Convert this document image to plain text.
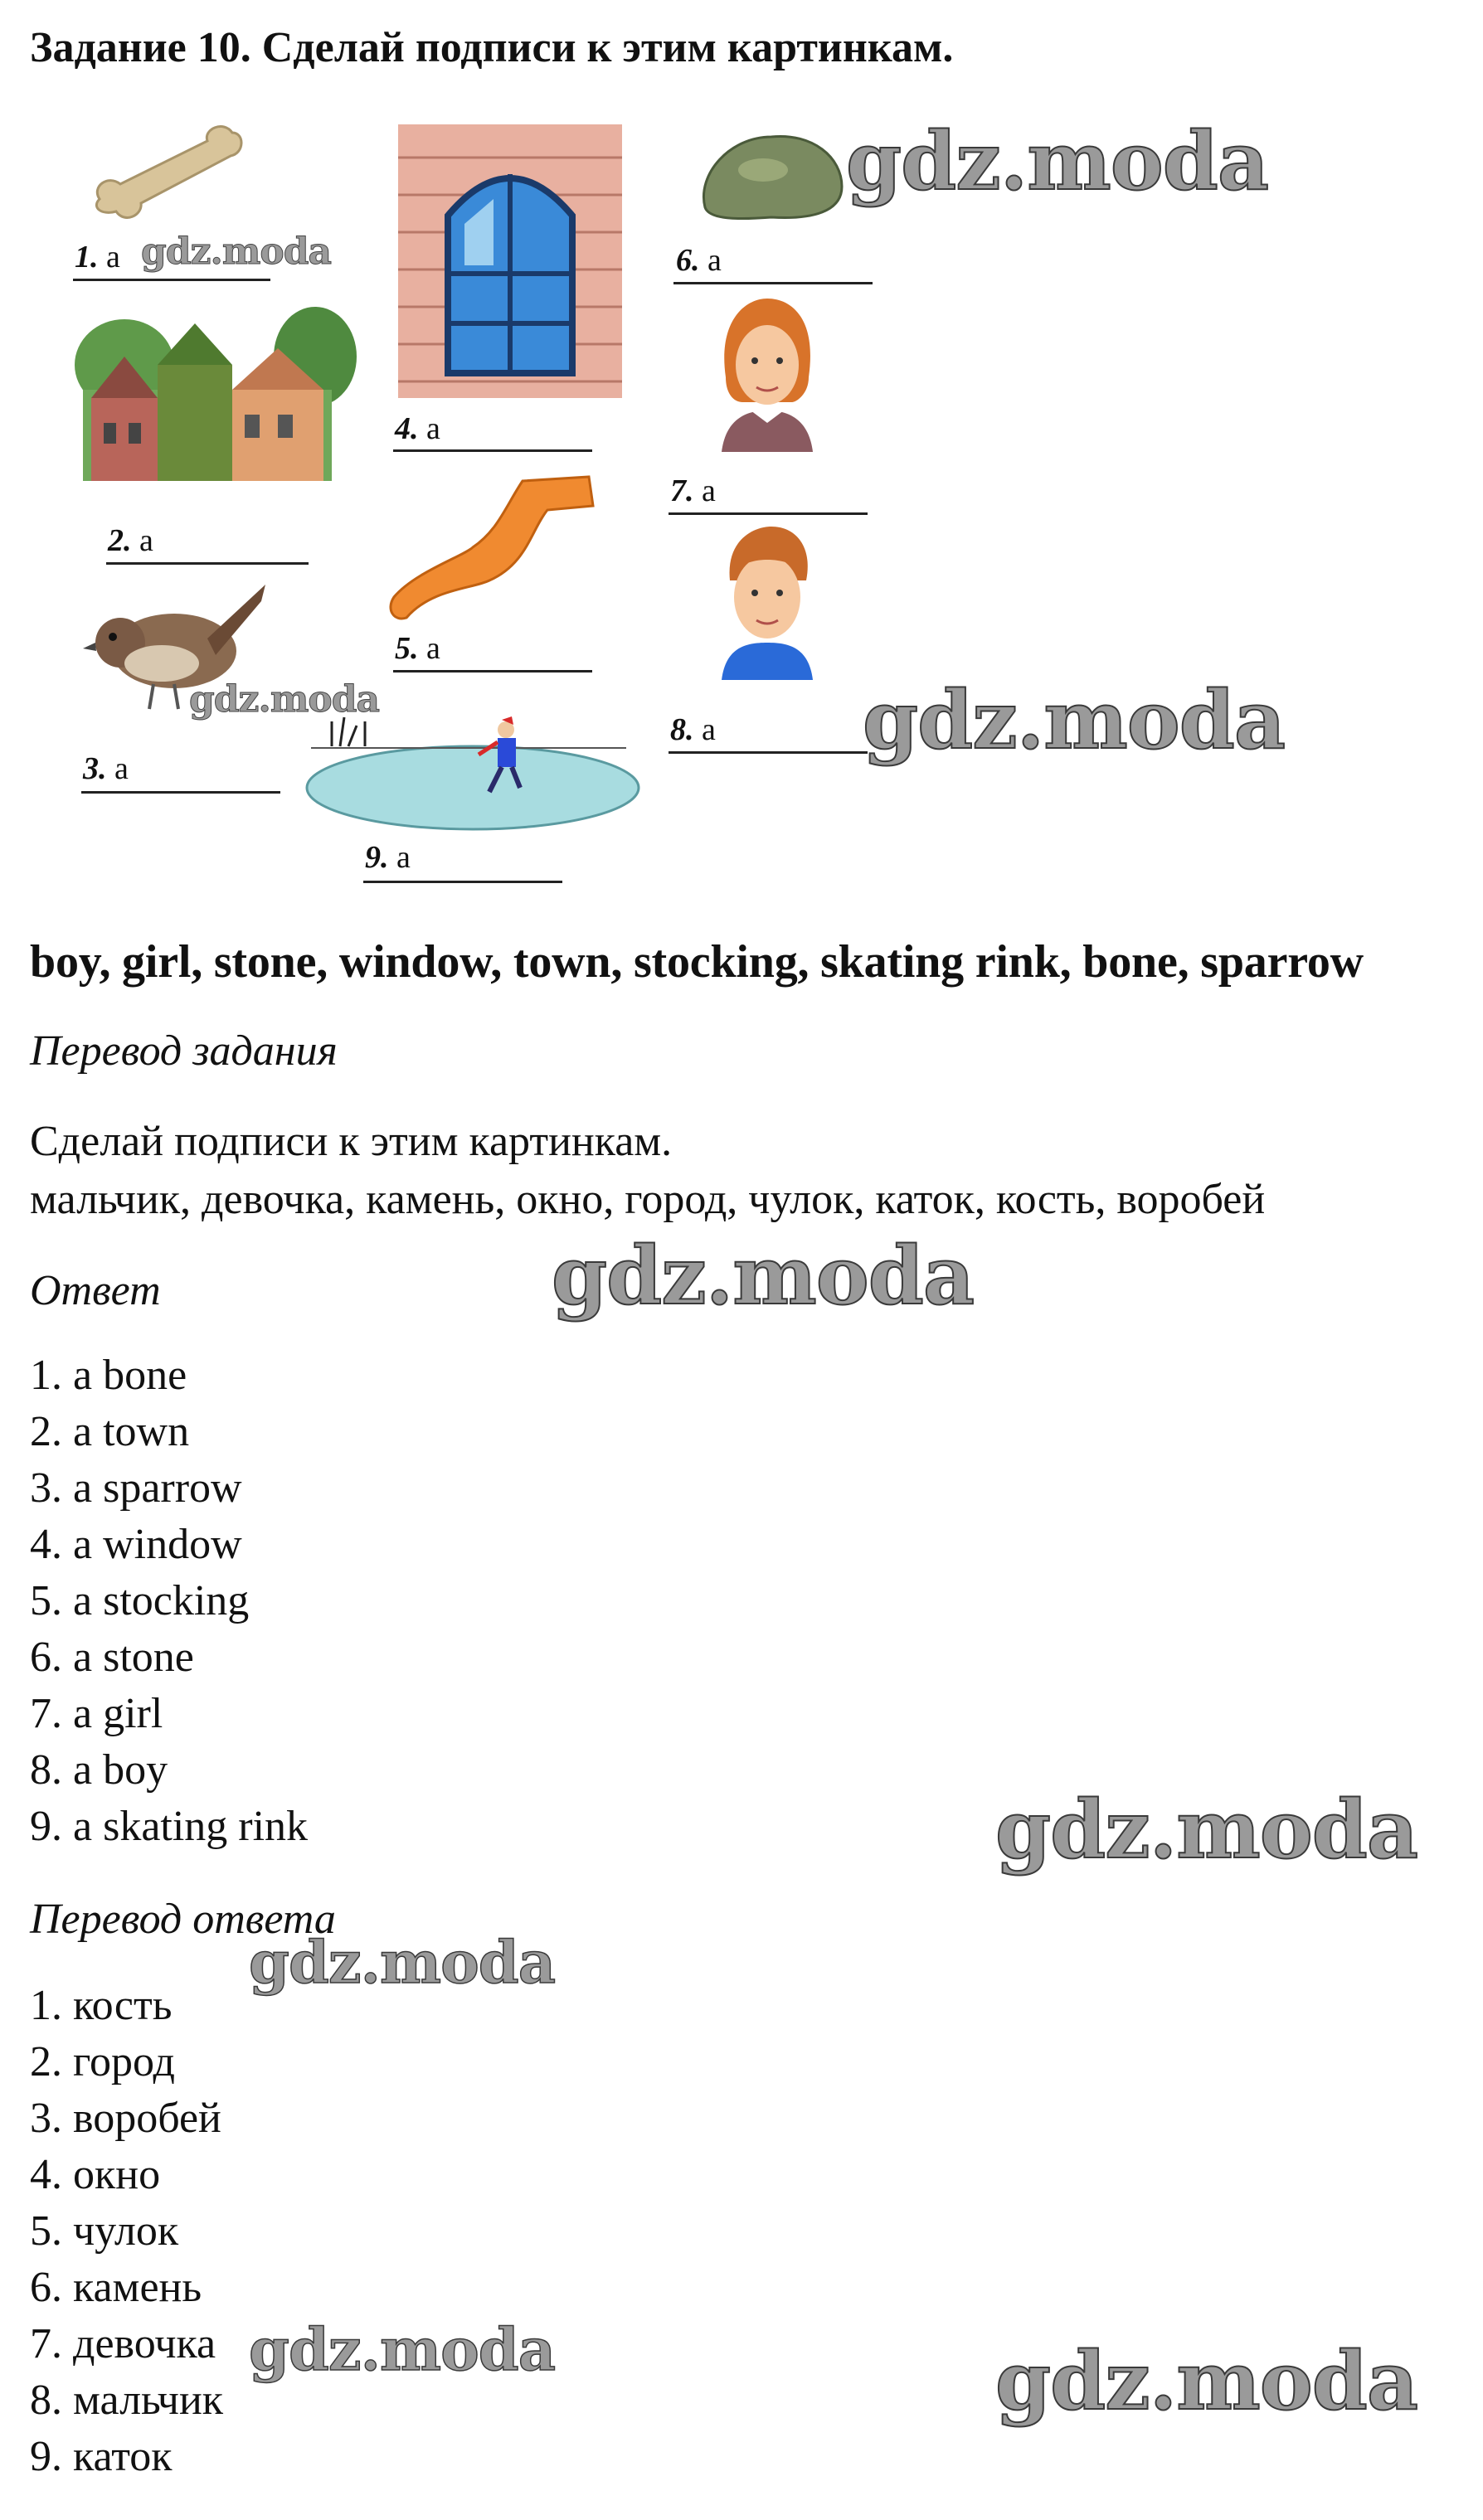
Задание 10. Сделай подписи к этим картинкам.
1. a
2. a
3. a
4. a
5. a
6. a
7. a
8. a
9. a
boy, girl, stone, window, town, stocking, skating rink, bone, sparrow
Перевод задания
Сделай подписи к этим картинкам.
мальчик, девочка, камень, окно, город, чулок, каток, кость, воробей
Ответ
1. a bone
2. a town
3. a sparrow
4. a window
5. a stocking
6. a stone
7. a girl
8. a boy
9. a skating rink
Перевод ответа
1. кость
2. город
3. воробей
4. окно
5. чулок
6. камень
7. девочка
8. мальчик
9. каток
gdz.moda
gdz.moda
gdz.moda	gdz.moda
gdz.moda
gdz.moda
gdz.moda
gdz.moda	gdz.moda
